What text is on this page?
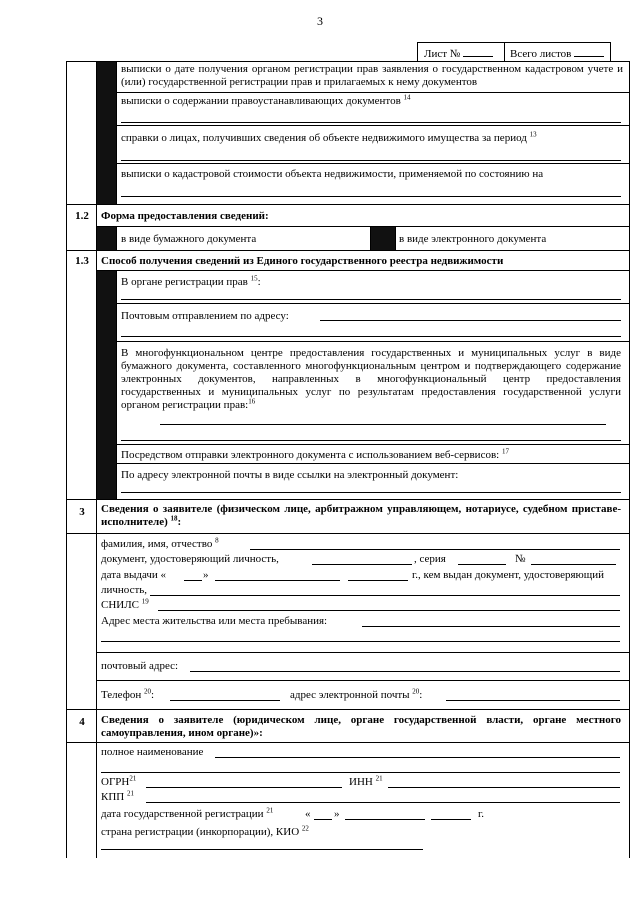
3
Лист №	Всего листов
выписки о дате получения органом регистрации прав заявления о государственном кадастровом учете и (или) государственной регистрации прав и прилагаемых к нему документов
выписки о содержании правоустанавливающих документов $^{14}$
справки о лицах, получивших сведения об объекте недвижимого имущества за период $^{13}$
выписки о кадастровой стоимости объекта недвижимости, применяемой по состоянию на
1.2	Форма предоставления сведений:
в виде бумажного документа	в виде электронного документа
1.3	Способ получения сведений из Единого государственного реестра недвижимости
В органе регистрации прав $^{15}$:
Почтовым отправлением по адресу:
В многофункциональном центре предоставления государственных и муниципальных услуг в виде бумажного документа, составленного многофункциональным центром и подтверждающего содержание электронных документов, направленных в многофункциональный центр предоставления государственных и муниципальных услуг по результатам предоставления государственной услуги органом регистрации прав:$^{16}$
Посредством отправки электронного документа с использованием веб-сервисов: $^{17}$
По адресу электронной почты в виде ссылки на электронный документ:
3	Сведения о заявителе (физическом лице, арбитражном управляющем, нотариусе, судебном приставе-исполнителе) $^{18}$:
фамилия, имя, отчество $^8$
документ, удостоверяющий личность,	, серия	№
дата выдачи «	»	г., кем выдан документ, удостоверяющий
личность,
СНИЛС $^{19}$
Адрес места жительства или места пребывания:
почтовый адрес:
Телефон $^{20}$:	адрес электронной почты $^{20}$:
4	Сведения о заявителе (юридическом лице, органе государственной власти, органе местного самоуправления, ином органе)»:
полное наименование
ОГРН$^{21}$	ИНН $^{21}$
КПП $^{21}$
дата государственной регистрации $^{21}$	« »	г.
страна регистрации (инкорпорации), КИО $^{22}$
